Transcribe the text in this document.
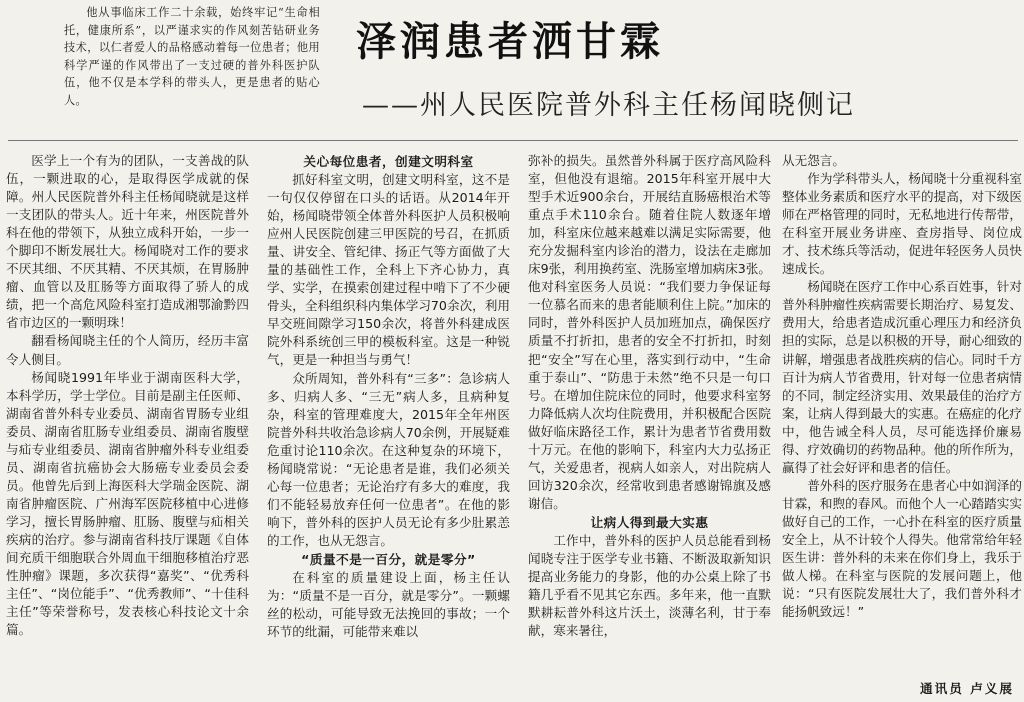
他从事临床工作二十余载，始终牢记“生命相托，健康所系”，以严谨求实的作风刻苦钻研业务技术，以仁者爱人的品格感动着每一位患者；他用科学严谨的作风带出了一支过硬的普外科医护队伍，他不仅是本学科的带头人，更是患者的贴心人。
泽润患者洒甘霖
——州人民医院普外科主任杨闻晓侧记

医学上一个有为的团队，一支善战的队伍，一颗进取的心，是取得医学成就的保障。州人民医院普外科主任杨闻晓就是这样一支团队的带头人。近十年来，州医院普外科在他的带领下，从独立成科开始，一步一个脚印不断发展壮大。杨闻晓对工作的要求不厌其细、不厌其精、不厌其烦，在胃肠肿瘤、血管以及肛肠等方面取得了骄人的成绩，把一个高危风险科室打造成湘鄂渝黔四省市边区的一颗明珠！

翻看杨闻晓主任的个人简历，经历丰富令人侧目。

杨闻晓1991年毕业于湖南医科大学，本科学历，学士学位。目前是副主任医师、湖南省普外科专业委员、湖南省胃肠专业组委员、湖南省肛肠专业组委员、湖南省腹壁与疝专业组委员、湖南省肿瘤外科专业组委员、湖南省抗癌协会大肠癌专业委员会委员。他曾先后到上海医科大学瑞金医院、湖南省肿瘤医院、广州海军医院移植中心进修学习，擅长胃肠肿瘤、肛肠、腹壁与疝相关疾病的治疗。参与湖南省科技厅课题《自体间充质干细胞联合外周血干细胞移植治疗恶性肿瘤》课题，多次获得“嘉奖”、“优秀科主任”、“岗位能手”、“优秀教师”、“十佳科主任”等荣誉称号，发表核心科技论文十余篇。

关心每位患者，创建文明科室

抓好科室文明，创建文明科室，这不是一句仅仅停留在口头的话语。从2014年开始，杨闻晓带领全体普外科医护人员积极响应州人民医院创建三甲医院的号召，在抓质量、讲安全、管纪律、扬正气等方面做了大量的基础性工作，全科上下齐心协力，真学、实学，在摸索创建过程中啃下了不少硬骨头，全科组织科内集体学习70余次，利用早交班间隙学习150余次，将普外科建成医院外科系统创三甲的模板科室。这是一种锐气，更是一种担当与勇气！

众所周知，普外科有“三多”：急诊病人多、归病人多、“三无”病人多，且病种复杂，科室的管理难度大，2015年全年州医院普外科共收治急诊病人70余例，开展疑难危重讨论110余次。在这种复杂的环境下，杨闻晓常说：“无论患者是谁，我们必须关心每一位患者；无论治疗有多大的难度，我们不能轻易放弃任何一位患者”。在他的影响下，普外科的医护人员无论有多少肚累恙的工作，也从无怨言。

“质量不是一百分，就是零分”

在科室的质量建设上面，杨主任认为：“质量不是一百分，就是零分”。一颗螺丝的松动，可能导致无法挽回的事故；一个环节的纰漏，可能带来难以

弥补的损失。虽然普外科属于医疗高风险科室，但他没有退缩。2015年科室开展中大型手术近900余台，开展结直肠癌根治术等重点手术110余台。随着住院人数逐年增加，科室床位越来越难以满足实际需要，他充分发掘科室内诊治的潜力，设法在走廊加床9张，利用换药室、洗肠室增加病床3张。他对科室医务人员说：“我们要力争保证每一位慕名而来的患者能顺利住上院。”加床的同时，普外科医护人员加班加点，确保医疗质量不打折扣，患者的安全不打折扣，时刻把“安全”写在心里，落实到行动中，“生命重于泰山”、“防患于未然”绝不只是一句口号。在增加住院床位的同时，他要求科室努力降低病人次均住院费用，并积极配合医院做好临床路径工作，累计为患者节省费用数十万元。在他的影响下，科室内大力弘扬正气，关爱患者，视病人如亲人，对出院病人回访320余次，经常收到患者感谢锦旗及感谢信。

让病人得到最大实惠

工作中，普外科的医护人员总能看到杨闻晓专注于医学专业书籍、不断汲取新知识提高业务能力的身影，他的办公桌上除了书籍几乎看不见其它东西。多年来，他一直默默耕耘普外科这片沃土，淡薄名利，甘于奉献，寒来暑往，

从无怨言。

作为学科带头人，杨闻晓十分重视科室整体业务素质和医疗水平的提高，对下级医师在严格管理的同时，无私地进行传帮带，在科室开展业务讲座、查房指导、岗位成才、技术练兵等活动，促进年轻医务人员快速成长。

杨闻晓在医疗工作中心系百姓事，针对普外科肿瘤性疾病需要长期治疗、易复发、费用大，给患者造成沉重心理压力和经济负担的实际，总是以积极的开导，耐心细致的讲解，增强患者战胜疾病的信心。同时千方百计为病人节省费用，针对每一位患者病情的不同，制定经济实用、效果最佳的治疗方案，让病人得到最大的实惠。在癌症的化疗中，他告诫全科人员，尽可能选择价廉易得、疗效确切的药物品种。他的所作所为，赢得了社会好评和患者的信任。

普外科的医疗服务在患者心中如润泽的甘霖，和煦的春风。而他个人一心踏踏实实做好自己的工作，一心扑在科室的医疗质量安全上，从不计较个人得失。他常常给年轻医生讲：普外科的未来在你们身上，我乐于做人梯。在科室与医院的发展问题上，他说：“只有医院发展壮大了，我们普外科才能扬帆致远！”

通讯员 卢义展
